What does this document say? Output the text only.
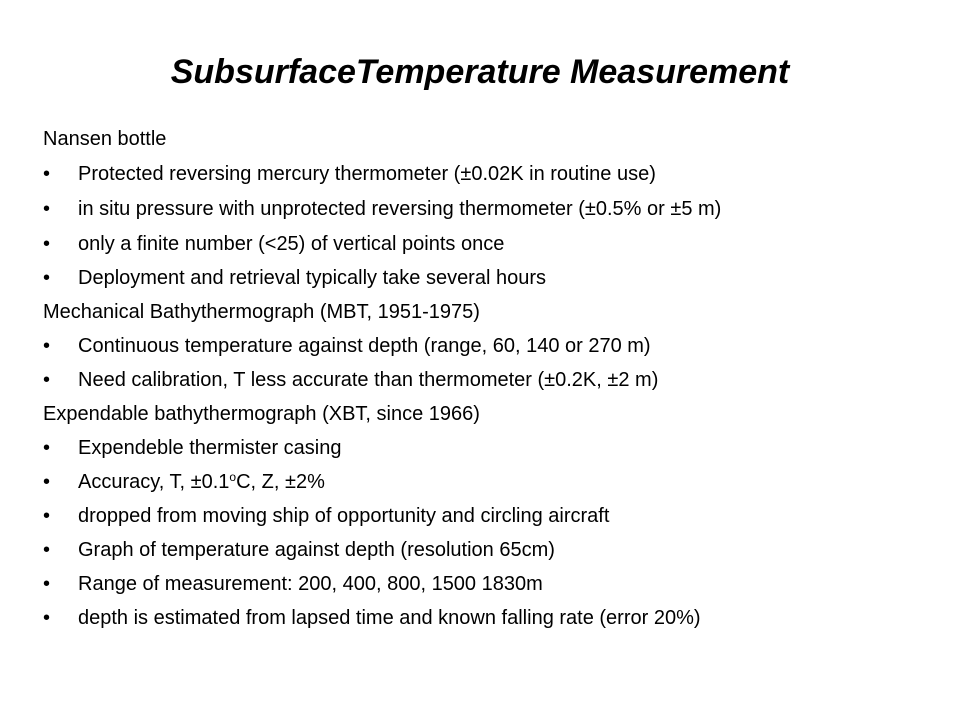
SubsurfaceTemperature Measurement
Nansen bottle
• Protected reversing mercury thermometer (±0.02K in routine use)
• in situ pressure with unprotected reversing thermometer (±0.5% or ±5 m)
• only a finite number (<25) of vertical points once
• Deployment and retrieval typically take several hours
Mechanical Bathythermograph (MBT, 1951-1975)
• Continuous temperature against depth (range, 60, 140 or 270 m)
• Need calibration, T less accurate than thermometer (±0.2K, ±2 m)
Expendable bathythermograph (XBT, since 1966)
• Expendeble thermister casing
• Accuracy, T, $\pm 0.1^oC$, Z, ±2%
• dropped from moving ship of opportunity and circling aircraft
• Graph of temperature against depth (resolution 65cm)
• Range of measurement: 200, 400, 800, 1500 1830m
• depth is estimated from lapsed time and known falling rate (error 20%)
